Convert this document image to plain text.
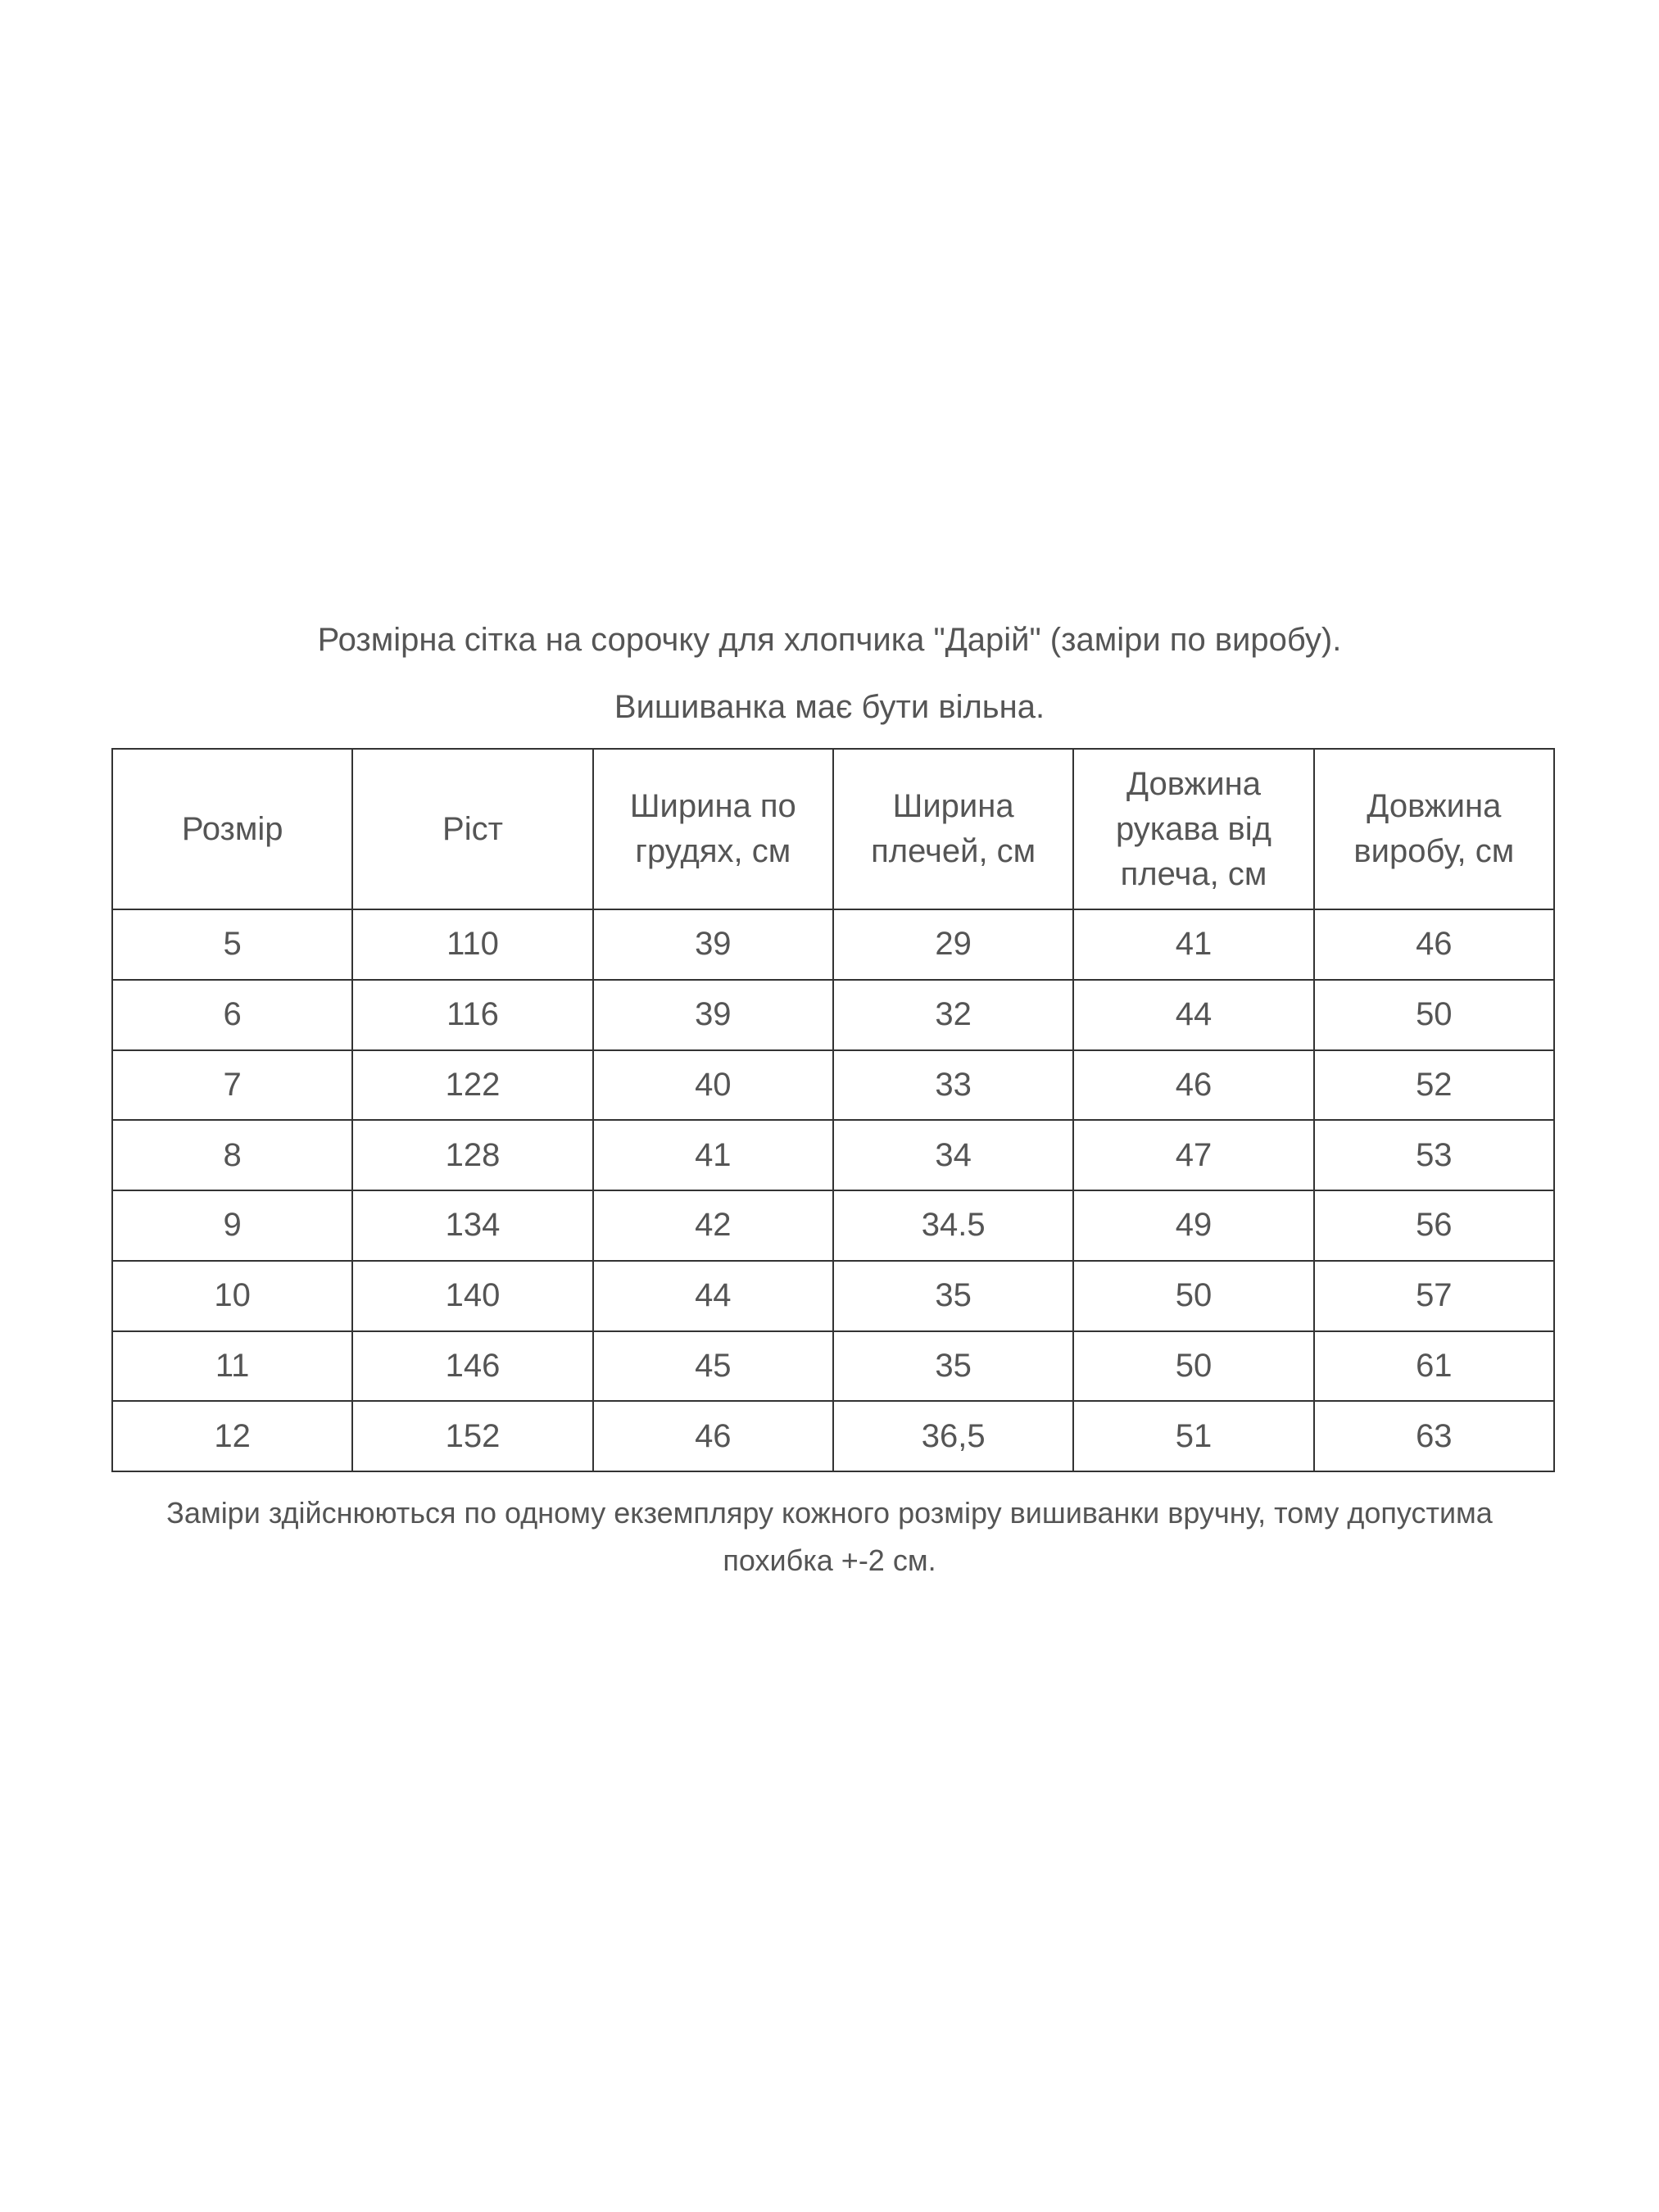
Розмірна сітка на сорочку для хлопчика "Дарій" (заміри по виробу).
Вишиванка має бути вільна.
Розмір	Ріст	Ширина по грудях, см	Ширина плечей, см	Довжина рукава від плеча, см	Довжина виробу, см
5	110	39	29	41	46
6	116	39	32	44	50
7	122	40	33	46	52
8	128	41	34	47	53
9	134	42	34.5	49	56
10	140	44	35	50	57
11	146	45	35	50	61
12	152	46	36,5	51	63
Заміри здійснюються по одному екземпляру кожного розміру вишиванки вручну, тому допустима похибка +-2 см.
